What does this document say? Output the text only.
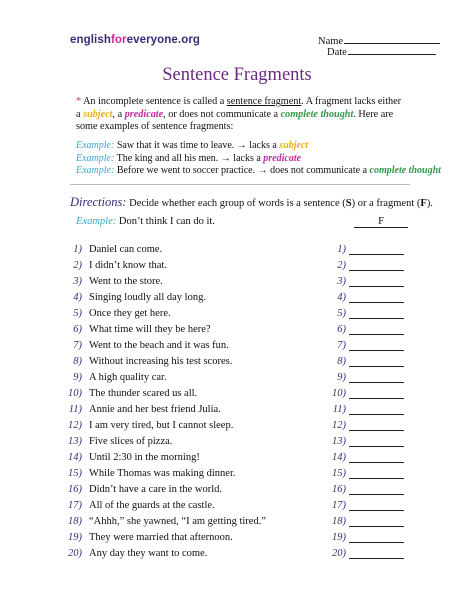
englishforeveryone.org	Name
Date
Sentence Fragments
* An incomplete sentence is called a sentence fragment. A fragment lacks either a subject, a predicate, or does not communicate a complete thought. Here are some examples of sentence fragments:
Example: Saw that it was time to leave. → lacks a subject
Example: The king and all his men. → lacks a predicate
Example: Before we went to soccer practice. → does not communicate a complete thought
Directions: Decide whether each group of words is a sentence (S) or a fragment (F).
Example: Don’t think I can do it.	F
1) Daniel can come.	1)
2) I didn’t know that.	2)
3) Went to the store.	3)
4) Singing loudly all day long.	4)
5) Once they get here.	5)
6) What time will they be here?	6)
7) Went to the beach and it was fun.	7)
8) Without increasing his test scores.	8)
9) A high quality car.	9)
10) The thunder scared us all.	10)
11) Annie and her best friend Julia.	11)
12) I am very tired, but I cannot sleep.	12)
13) Five slices of pizza.	13)
14) Until 2:30 in the morning!	14)
15) While Thomas was making dinner.	15)
16) Didn’t have a care in the world.	16)
17) All of the guards at the castle.	17)
18) “Ahhh,” she yawned, “I am getting tired.”	18)
19) They were married that afternoon.	19)
20) Any day they want to come.	20)
